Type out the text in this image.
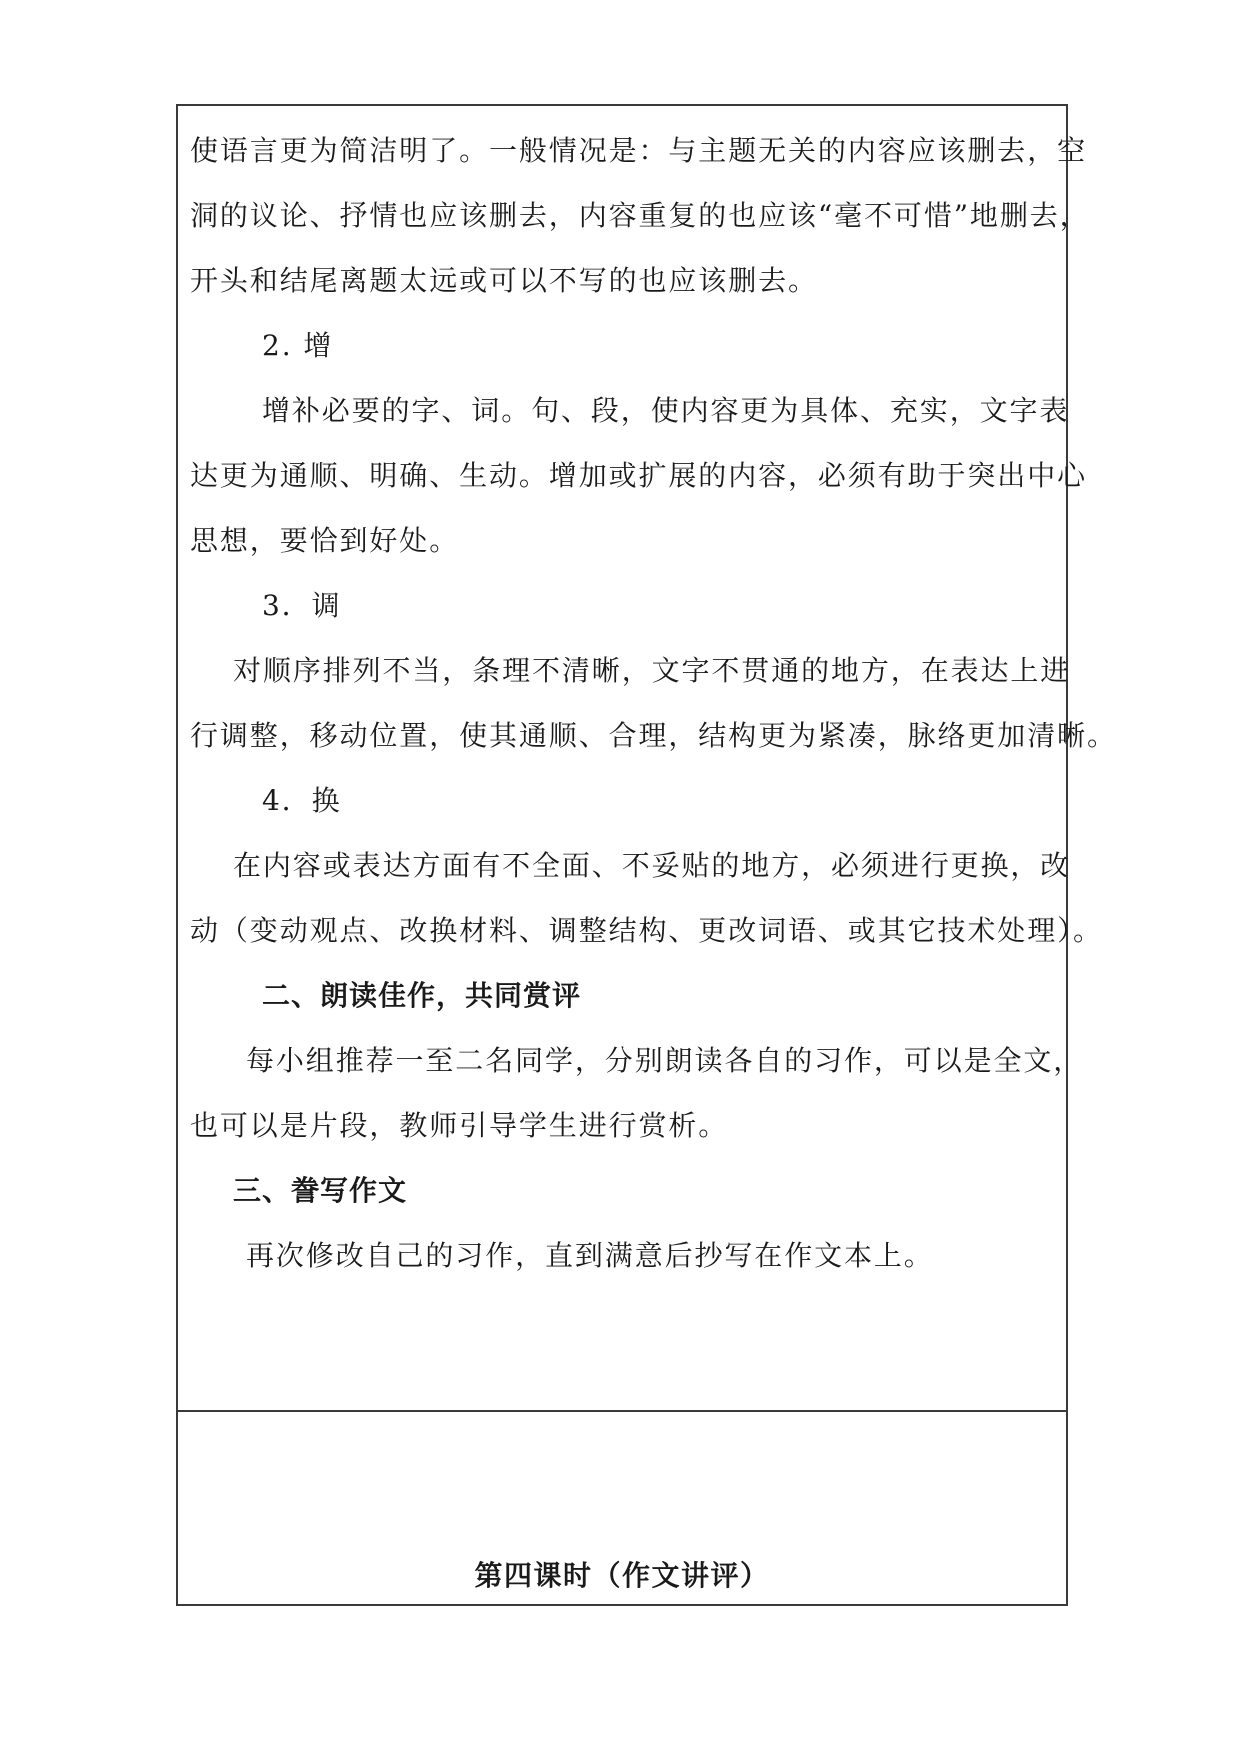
使语言更为简洁明了。一般情况是：与主题无关的内容应该删去，空

洞的议论、抒情也应该删去，内容重复的也应该“毫不可惜”地删去，

开头和结尾离题太远或可以不写的也应该删去。

2. 增

增补必要的字、词。句、段，使内容更为具体、充实，文字表

达更为通顺、明确、生动。增加或扩展的内容，必须有助于突出中心

思想，要恰到好处。

3．调

对顺序排列不当，条理不清晰，文字不贯通的地方，在表达上进

行调整，移动位置，使其通顺、合理，结构更为紧凑，脉络更加清晰。

4．换

在内容或表达方面有不全面、不妥贴的地方，必须进行更换，改

动（变动观点、改换材料、调整结构、更改词语、或其它技术处理）。

二、朗读佳作，共同赏评

每小组推荐一至二名同学，分别朗读各自的习作，可以是全文，

也可以是片段，教师引导学生进行赏析。

三、誊写作文

再次修改自己的习作，直到满意后抄写在作文本上。

第四课时（作文讲评）
